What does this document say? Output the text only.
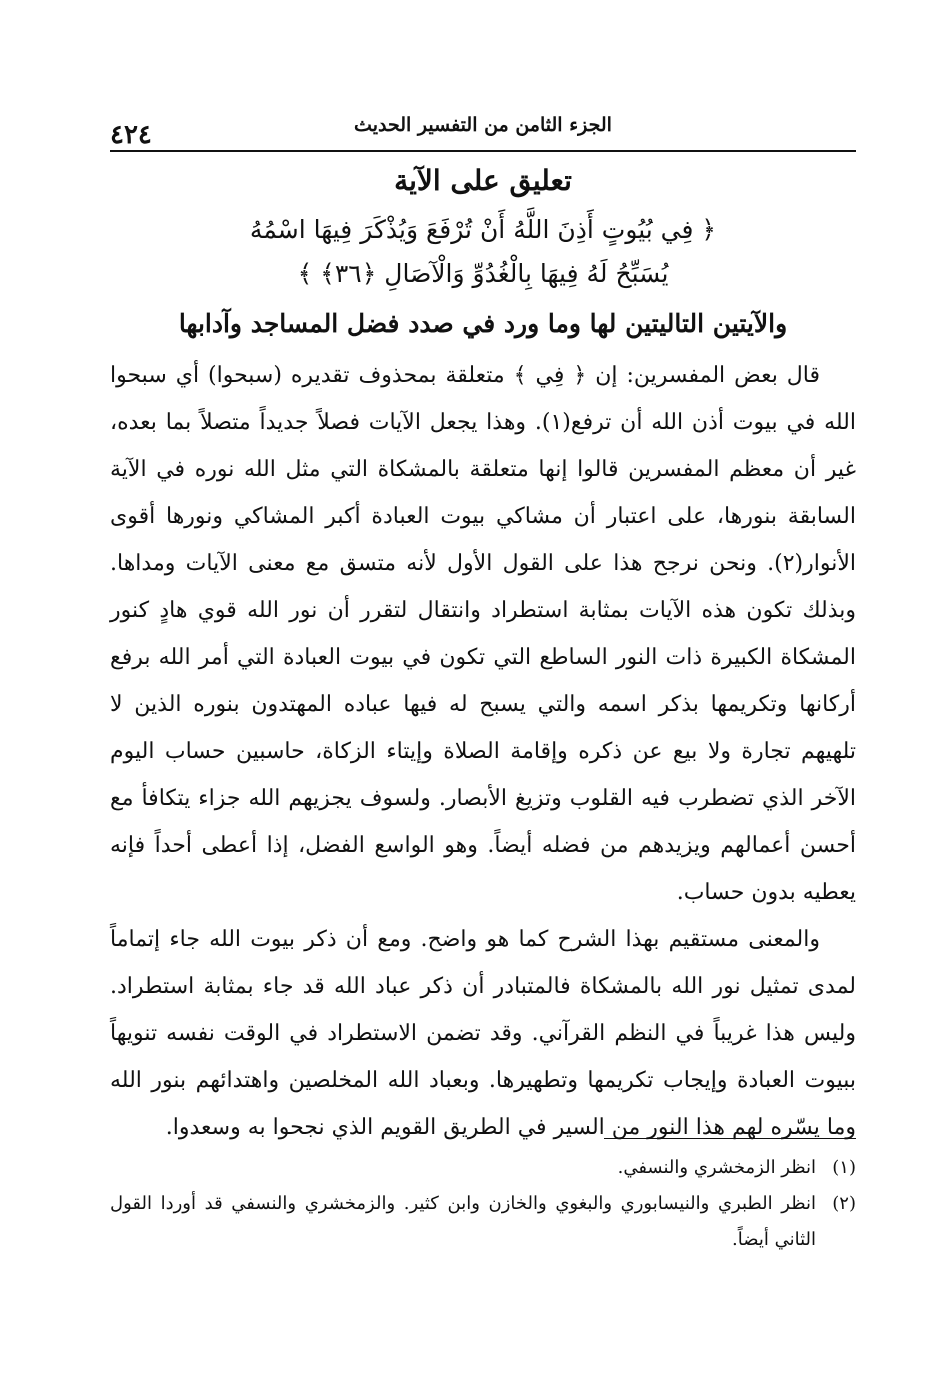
الجزء الثامن من التفسير الحديث
٤٢٤
تعليق على الآية
﴿ فِي بُيُوتٍ أَذِنَ اللَّهُ أَنْ تُرْفَعَ وَيُذْكَرَ فِيهَا اسْمُهُ
يُسَبِّحُ لَهُ فِيهَا بِالْغُدُوِّ وَالْآصَالِ ﴿٣٦﴾ ﴾
والآيتين التاليتين لها وما ورد في صدد فضل المساجد وآدابها

قال بعض المفسرين: إن ﴿ فِي ﴾ متعلقة بمحذوف تقديره (سبحوا) أي سبحوا الله في بيوت أذن الله أن ترفع(١). وهذا يجعل الآيات فصلاً جديداً متصلاً بما بعده، غير أن معظم المفسرين قالوا إنها متعلقة بالمشكاة التي مثل الله نوره في الآية السابقة بنورها، على اعتبار أن مشاكي بيوت العبادة أكبر المشاكي ونورها أقوى الأنوار(٢). ونحن نرجح هذا على القول الأول لأنه متسق مع معنى الآيات ومداها. وبذلك تكون هذه الآيات بمثابة استطراد وانتقال لتقرر أن نور الله قوي هادٍ كنور المشكاة الكبيرة ذات النور الساطع التي تكون في بيوت العبادة التي أمر الله برفع أركانها وتكريمها بذكر اسمه والتي يسبح له فيها عباده المهتدون بنوره الذين لا تلهيهم تجارة ولا بيع عن ذكره وإقامة الصلاة وإيتاء الزكاة، حاسبين حساب اليوم الآخر الذي تضطرب فيه القلوب وتزيغ الأبصار. ولسوف يجزيهم الله جزاء يتكافأ مع أحسن أعمالهم ويزيدهم من فضله أيضاً. وهو الواسع الفضل، إذا أعطى أحداً فإنه يعطيه بدون حساب.

والمعنى مستقيم بهذا الشرح كما هو واضح. ومع أن ذكر بيوت الله جاء إتماماً لمدى تمثيل نور الله بالمشكاة فالمتبادر أن ذكر عباد الله قد جاء بمثابة استطراد. وليس هذا غريباً في النظم القرآني. وقد تضمن الاستطراد في الوقت نفسه تنويهاً ببيوت العبادة وإيجاب تكريمها وتطهيرها. وبعباد الله المخلصين واهتدائهم بنور الله وما يسّره لهم هذا النور من السير في الطريق القويم الذي نجحوا به وسعدوا.

(١)
انظر الزمخشري والنسفي.

(٢)
انظر الطبري والنيسابوري والبغوي والخازن وابن كثير. والزمخشري والنسفي قد أوردا القول الثاني أيضاً.
